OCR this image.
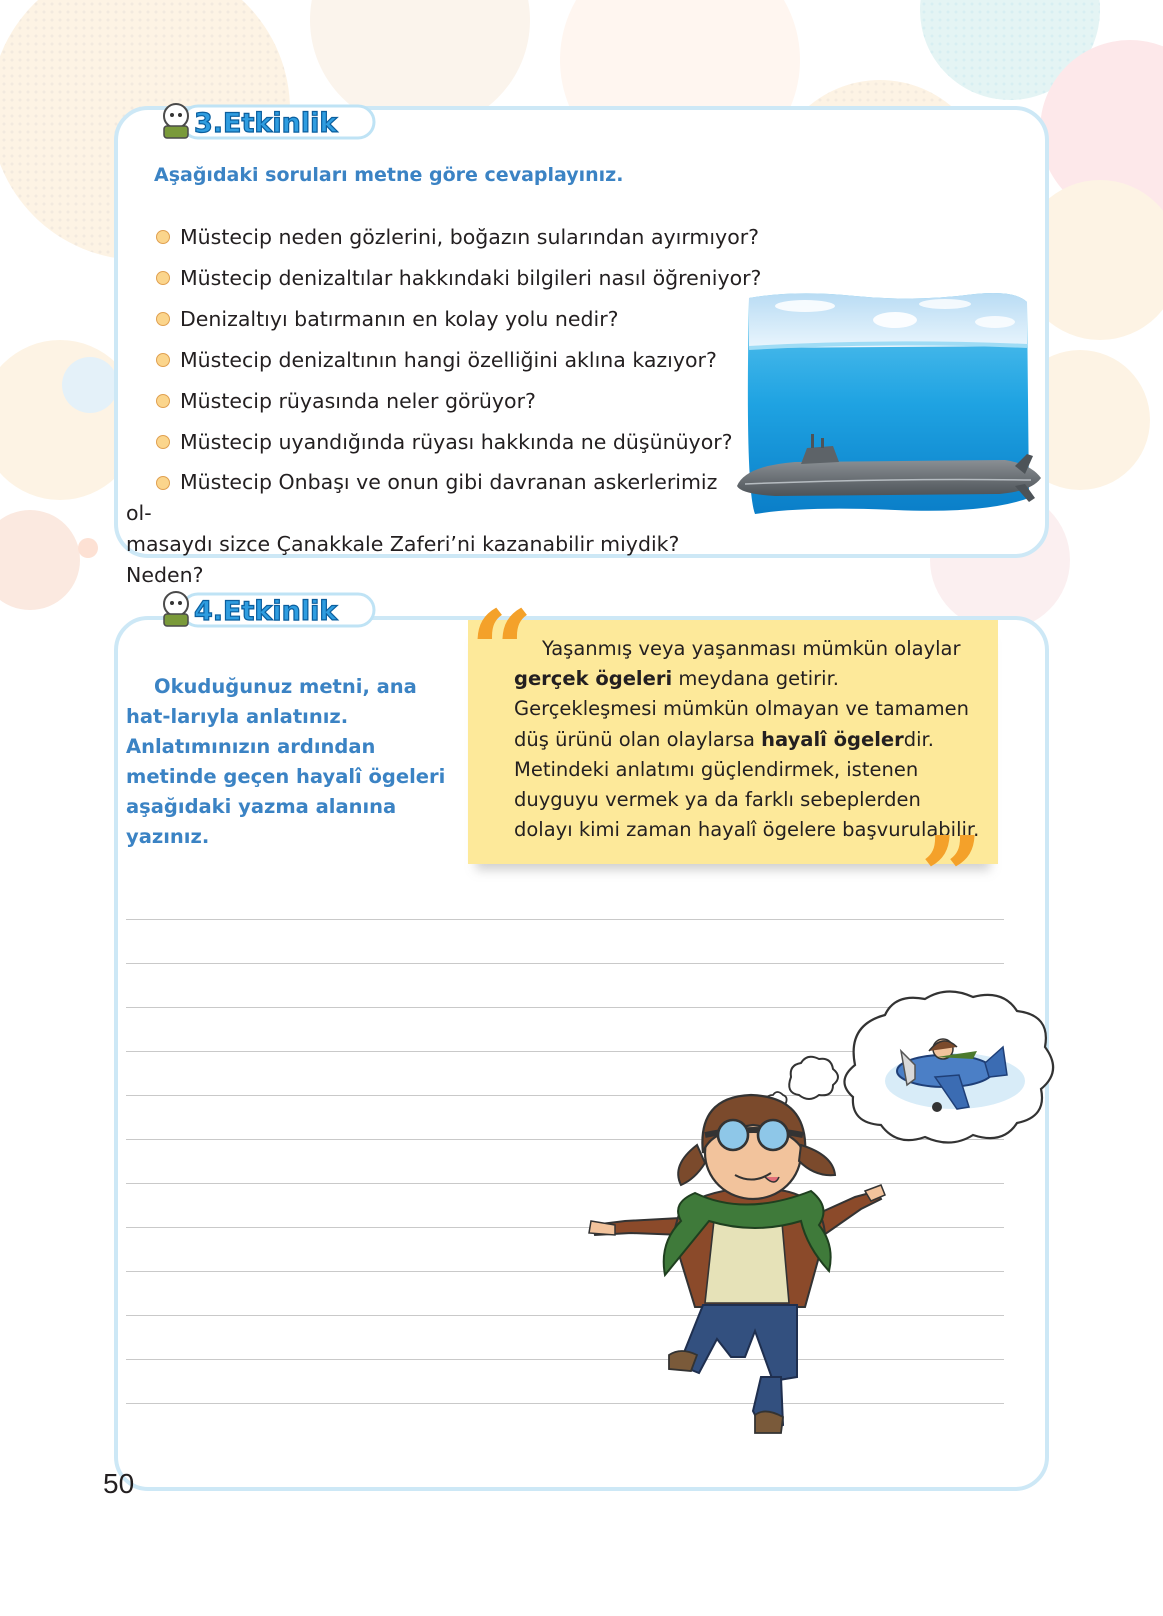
3.Etkinlik
Aşağıdaki soruları metne göre cevaplayınız.
Müstecip neden gözlerini, boğazın sularından ayırmıyor?
Müstecip denizaltılar hakkındaki bilgileri nasıl öğreniyor?
Denizaltıyı batırmanın en kolay yolu nedir?
Müstecip denizaltının hangi özelliğini aklına kazıyor?
Müstecip rüyasında neler görüyor?
Müstecip uyandığında rüyası hakkında ne düşünüyor?
Müstecip Onbaşı ve onun gibi davranan askerlerimiz ol-
masaydı sizce Çanakkale Zaferi’ni kazanabilir miydik? Neden?
4.Etkinlik
Okuduğunuz metni, ana hat-larıyla anlatınız. Anlatımınızın ardından metinde geçen hayalî ögeleri aşağıdaki yazma alanına yazınız.
Yaşanmış veya yaşanması mümkün olaylar gerçek ögeleri meydana getirir. Gerçekleşmesi mümkün olmayan ve tamamen düş ürünü olan olaylarsa hayalî ögelerdir. Metindeki anlatımı güçlendirmek, istenen duyguyu vermek ya da farklı sebeplerden dolayı kimi zaman hayalî ögelere başvurulabilir.
“
”
50
